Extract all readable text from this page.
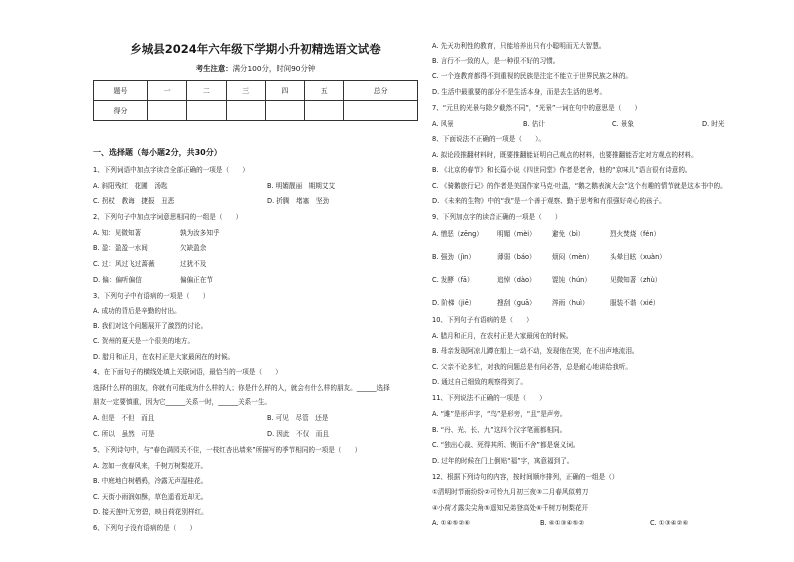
乡城县2024年六年级下学期小升初精选语文试卷
考生注意：满分100分，时间90分钟
题号	一	二	三	四	五	总分
得分						
一、选择题（每小题2分，共30分）
1、下列词语中加点字读音全部正确的一项是（　　）
A. 斜阳残红　花圃　汤匙	B. 明媚靓丽　期期艾艾
C. 拐杖　教诲　捷报　丑恶	D. 折腾　堵塞　坚劲
2、下列句子中加点字词意思相同的一组是（　　）
A. 知：见微知著	孰为汝多知乎
B. 盈：盈盈一水间	欠缺盈余
C. 过：风过飞过蔷薇	过犹不及
D. 偏：偏听偏信	偏偏正在节
3、下列句子中有语病的一项是（　　）
A. 成功的背后是辛勤的付出。
B. 我们对这个问题展开了激烈的讨论。
C. 贺州的夏天是一个很美的地方。
D. 腊月和正月，在农村正是大家最闲在的时候。
4、在下面句子的横线处填上关联词语，最恰当的一项是（　　）
选择什么样的朋友，你就有可能成为什么样的人；你是什么样的人，就会有什么样的朋友。______选择
朋友一定要慎重，因为它______关系一时，______关系一生。
A. 但是　不但　而且	B. 可见　尽管　还是
C. 所以　虽然　可是	D. 因此　不仅　而且
5、下列诗句中，与“春色满园关不住，一枝红杏出墙来”所描写的季节相同的一项是（　　）
A. 忽如一夜春风来，千树万树梨花开。
B. 中庭地白树栖鸦，冷露无声湿桂花。
C. 天街小雨润如酥，草色遥看近却无。
D. 接天莲叶无穷碧，映日荷花别样红。
6、下列句子没有语病的是（　　）
A. 先天功利性的教育，只能培养出只有小聪明而无大智慧。
B. 言行不一致的人，是一种很不好的习惯。
C. 一个连教育都得不到重视的民族是注定不能立于世界民族之林的。
D. 生活中最重要的部分不是生活本身，而是去生活的思考。
7、“元旦的光景与除夕截然不同”，“光景”一词在句中的意思是（　　）
A. 风景	B. 估计	C. 景象	D. 时光
8、下面说法不正确的一项是（　　）。
A. 拟论段推翻材料时，既要推翻能证明自己观点的材料，也要推翻能否定对方观点的材料。
B. 《北京的春节》和长篇小说《四世同堂》作者是老舍，他的“京味儿”语言很有诗意的。
C. 《骑鹅旅行记》的作者是美国作家马克·吐温，“鹅之鹅表演大会”这个有趣的情节就是这本书中的。
D. 《未来的生物》中的“我”是一个善于观察、勤于思考和有很强好奇心的孩子。
9、下列加点字的读音正确的一项是（　　）
A. 憎恶（zēng）	明媚（mèi）	避免（bì）	烈火焚烧（fén）
B. 强劲（jìn）	薄弱（báo）	烦闷（mèn）	头晕目眩（xuàn）
C. 发酵（fā）	追悼（dào）	馄饨（hún）	见微知著（zhù）
D. 阶梯（jiē）	搜刮（guā）	涔雨（huì）	服装不谐（xié）
10、下列句子有语病的是（　　）
A. 腊月和正月，在农村正是大家最闲在的时候。
B. 母亲发现阿凉儿蹲在船上一动不动，发现他在哭，在不出声地流泪。
C. 父亲不论多忙，对我的问题总是有问必答，总是耐心地讲给我听。
D. 通过自己细致的观察得到了。
11、下列说法不正确的一项是（　　）
A. “雎”是形声字，“鸟”是形旁，“且”是声旁。
B. “丹、光、长、九”这四个汉字笔画都相同。
C. “独出心裁、死得其所、锲而不舍”都是褒义词。
D. 过年的时候在门上倒贴“福”字，寓意福到了。
12、根据下列诗句的内容，按时间顺序排列，正确的一组是（）
①清明时节雨纷纷②可怜九月初三夜③二月春风似剪刀
④小荷才露尖尖角⑤遥知兄弟登高处⑥千树万树梨花开
A. ①④⑤②⑥	B. ⑥①③④⑤②	C. ①③④②⑥
